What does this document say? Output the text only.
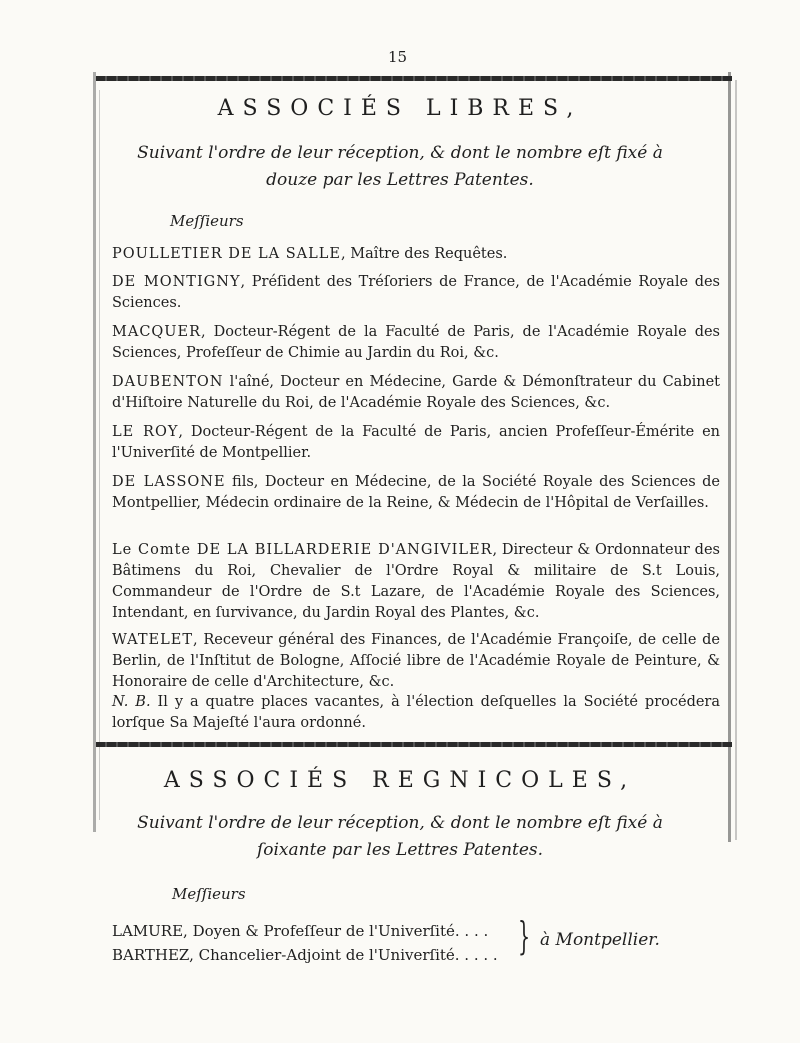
15
ASSOCIÉS LIBRES,
Suivant l'ordre de leur réception, & dont le nombre eſt fixé à douze par les Lettres Patentes.
Meſſieurs
POULLETIER DE LA SALLE, Maître des Requêtes.
DE MONTIGNY, Préſident des Tréſoriers de France, de l'Académie Royale des Sciences.
MACQUER, Docteur-Régent de la Faculté de Paris, de l'Académie Royale des Sciences, Profeſſeur de Chimie au Jardin du Roi, &c.
DAUBENTON l'aîné, Docteur en Médecine, Garde & Démonſtrateur du Cabinet d'Hiſtoire Naturelle du Roi, de l'Académie Royale des Sciences, &c.
LE ROY, Docteur-Régent de la Faculté de Paris, ancien Profeſſeur-Émérite en l'Univerſité de Montpellier.
DE LASSONE fils, Docteur en Médecine, de la Société Royale des Sciences de Montpellier, Médecin ordinaire de la Reine, & Médecin de l'Hôpital de Verſailles.
Le Comte DE LA BILLARDERIE D'ANGIVILER, Directeur & Ordonnateur des Bâtimens du Roi, Chevalier de l'Ordre Royal & militaire de S.t Louis, Commandeur de l'Ordre de S.t Lazare, de l'Académie Royale des Sciences, Intendant, en ſurvivance, du Jardin Royal des Plantes, &c.
WATELET, Receveur général des Finances, de l'Académie Françoiſe, de celle de Berlin, de l'Inſtitut de Bologne, Aſſocié libre de l'Académie Royale de Peinture, & Honoraire de celle d'Architecture, &c.
N. B. Il y a quatre places vacantes, à l'élection deſquelles la Société procédera lorſque Sa Majeſté l'aura ordonné.
ASSOCIÉS REGNICOLES,
Suivant l'ordre de leur réception, & dont le nombre eſt fixé à ſoixante par les Lettres Patentes.
Meſſieurs
LAMURE, Doyen & Profeſſeur de l'Univerſité. . . .
BARTHEZ, Chancelier-Adjoint de l'Univerſité. . . . . } à Montpellier.
